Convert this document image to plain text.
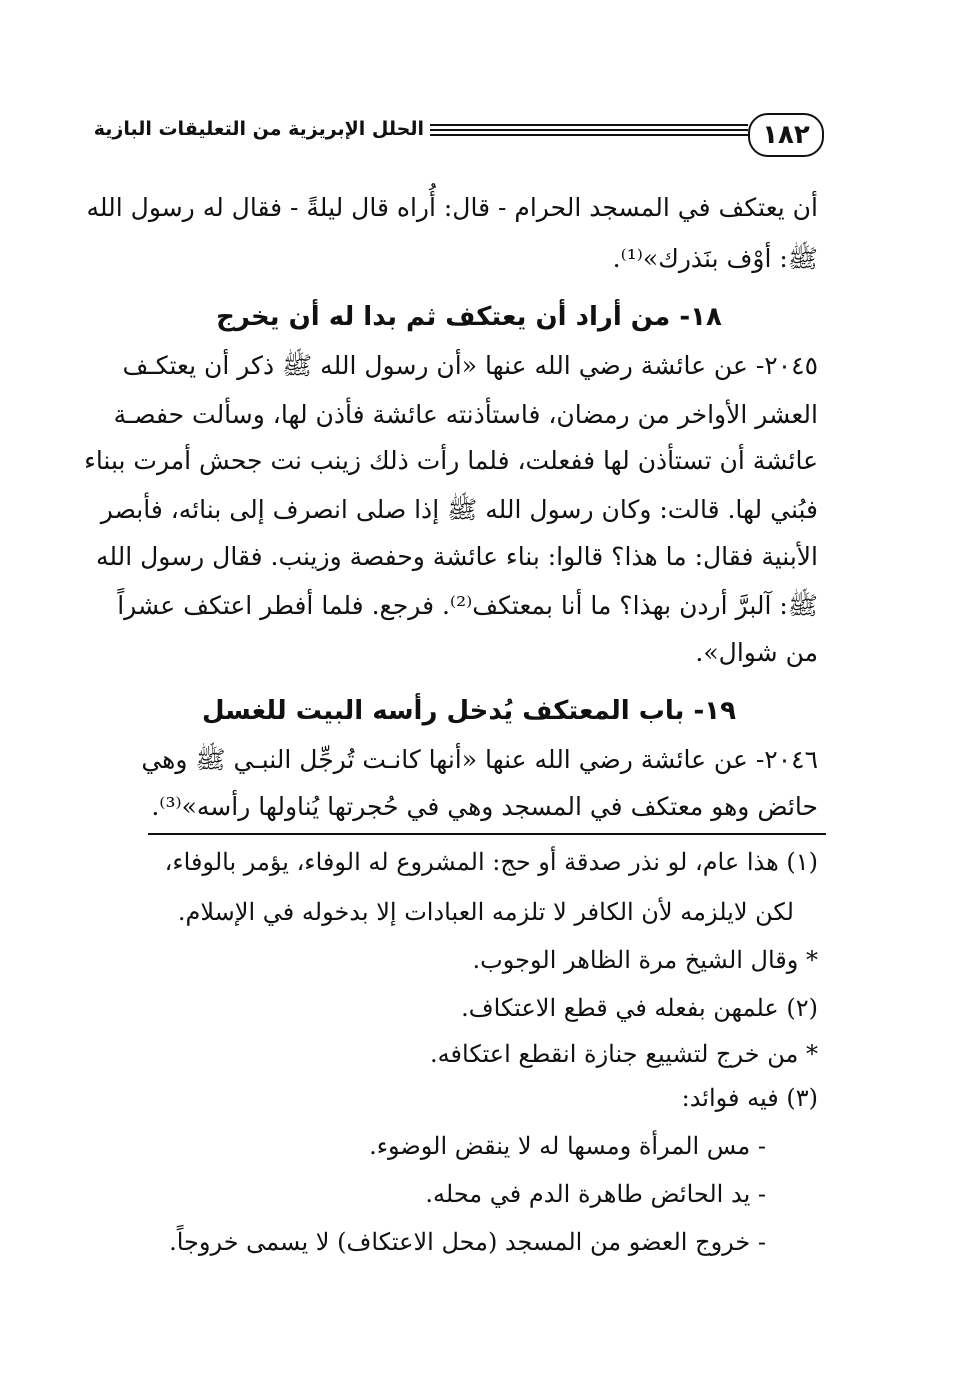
١٨٢
الحلل الإبريزية من التعليقات البازية
أن يعتكف في المسجد الحرام - قال: أُراه قال ليلةً - فقال له رسول الله
ﷺ: أوْف بنَذرك»⁽¹⁾.
١٨- من أراد أن يعتكف ثم بدا له أن يخرج
٢٠٤٥- عن عائشة رضي الله عنها «أن رسول الله ﷺ ذكر أن يعتكـف
العشر الأواخر من رمضان، فاستأذنته عائشة فأذن لها، وسألت حفصـة
عائشة أن تستأذن لها ففعلت، فلما رأت ذلك زينب نت جحش أمرت ببناء
فبُني لها. قالت: وكان رسول الله ﷺ إذا صلى انصرف إلى بنائه، فأبصر
الأبنية فقال: ما هذا؟ قالوا: بناء عائشة وحفصة وزينب. فقال رسول الله
ﷺ: آلبرَّ أردن بهذا؟ ما أنا بمعتكف⁽²⁾. فرجع. فلما أفطر اعتكف عشراً
من شوال».
١٩- باب المعتكف يُدخل رأسه البيت للغسل
٢٠٤٦- عن عائشة رضي الله عنها «أنها كانـت تُرجِّل النبـي ﷺ وهي
حائض وهو معتكف في المسجد وهي في حُجرتها يُناولها رأسه»⁽³⁾.
(١) هذا عام، لو نذر صدقة أو حج: المشروع له الوفاء، يؤمر بالوفاء،
لكن لايلزمه لأن الكافر لا تلزمه العبادات إلا بدخوله في الإسلام.
* وقال الشيخ مرة الظاهر الوجوب.
(٢) علمهن بفعله في قطع الاعتكاف.
* من خرج لتشييع جنازة انقطع اعتكافه.
(٣) فيه فوائد:
- مس المرأة ومسها له لا ينقض الوضوء.
- يد الحائض طاهرة الدم في محله.
- خروج العضو من المسجد (محل الاعتكاف) لا يسمى خروجاً.
